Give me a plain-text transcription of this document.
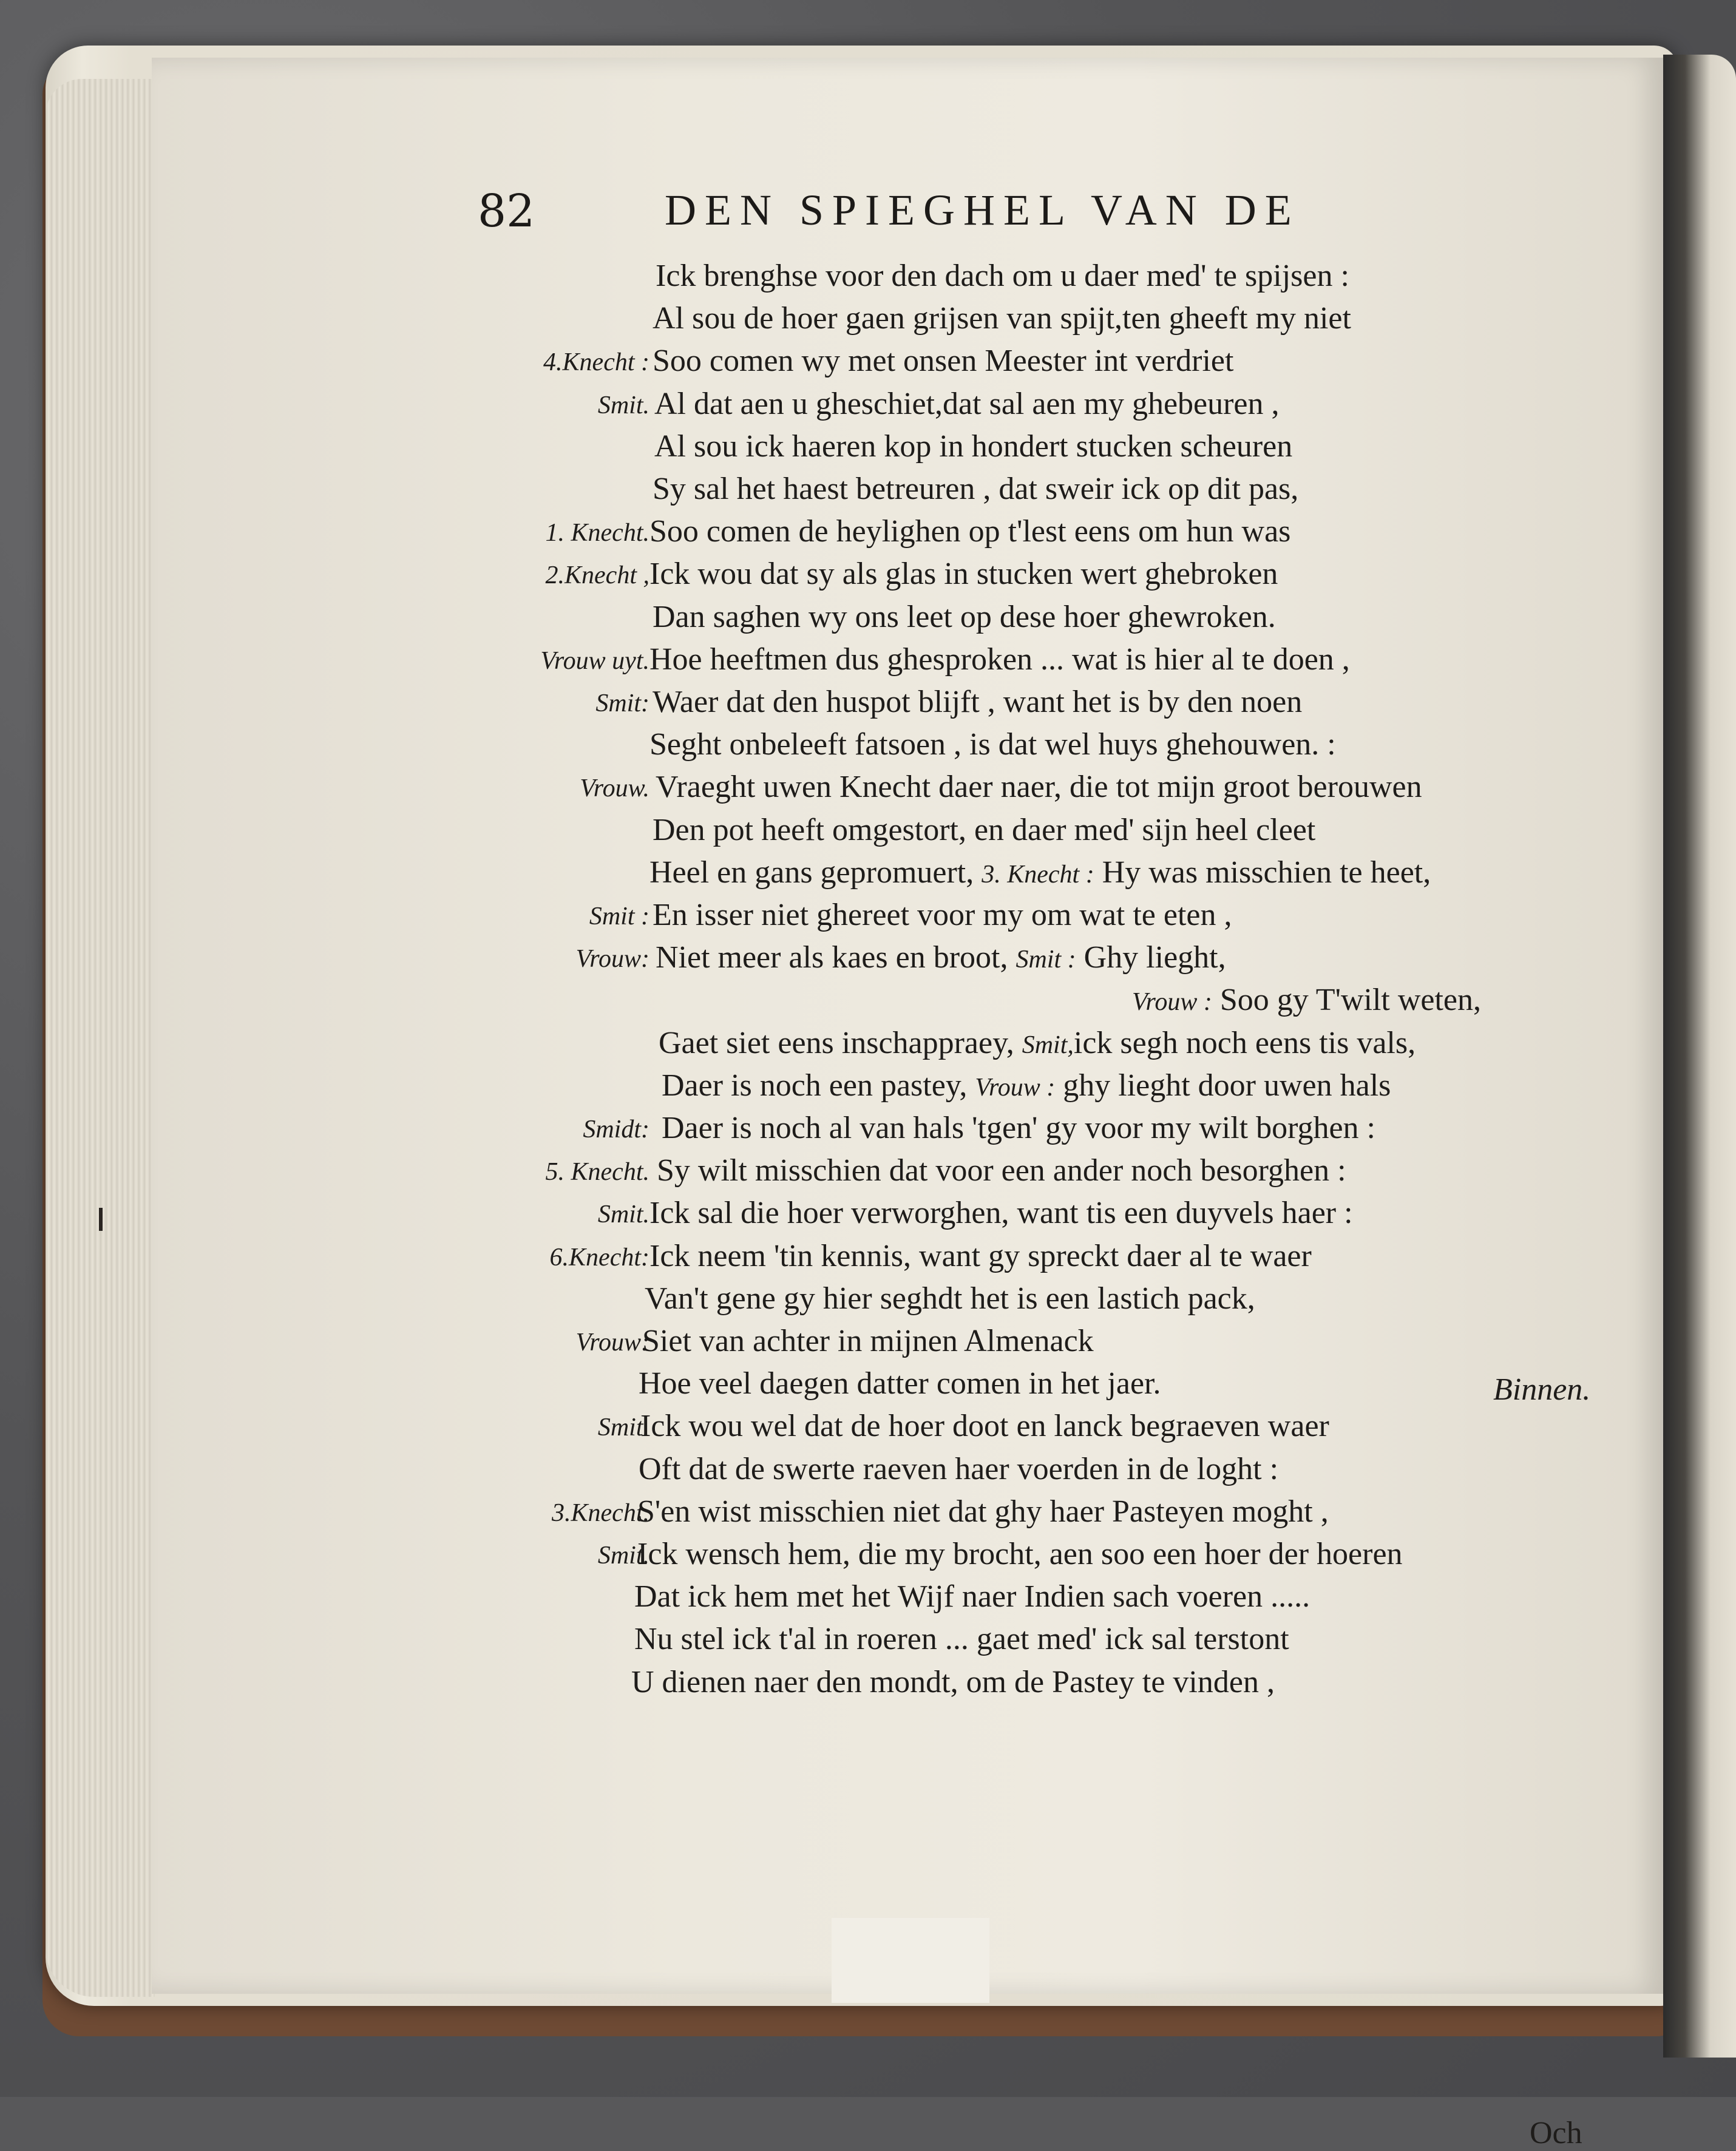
82	DEN SPIEGHEL VAN DE
Ick brenghse voor den dach om u daer med' te spijsen :
Al sou de hoer gaen grijsen van spijt,ten gheeft my niet
4.Knecht : Soo comen wy met onsen Meester int verdriet
Smit. Al dat aen u gheschiet,dat sal aen my ghebeuren ,
Al sou ick haeren kop in hondert stucken scheuren
Sy sal het haest betreuren , dat sweir ick op dit pas,
1. Knecht. Soo comen de heylighen op t'lest eens om hun was
2.Knecht , Ick wou dat sy als glas in stucken wert ghebroken
Dan saghen wy ons leet op dese hoer ghewroken.
Vrouw uyt. Hoe heeftmen dus ghesproken ... wat is hier al te doen ,
Smit: Waer dat den huspot blijft , want het is by den noen
Seght onbeleeft fatsoen , is dat wel huys ghehouwen. :
Vrouw. Vraeght uwen Knecht daer naer, die tot mijn groot berouwen
Den pot heeft omgestort, en daer med' sijn heel cleet
Heel en gans gepromuert, 3. Knecht : Hy was misschien te heet,
Smit : En isser niet ghereet voor my om wat te eten ,
Vrouw: Niet meer als kaes en broot, Smit : Ghy lieght,
Vrouw : Soo gy T'wilt weten,
Gaet siet eens inschappraey, Smit,ick segh noch eens tis vals,
Daer is noch een pastey, Vrouw : ghy lieght door uwen hals
Smidt: Daer is noch al van hals 'tgen' gy voor my wilt borghen :
5. Knecht. Sy wilt misschien dat voor een ander noch besorghen :
Smit. Ick sal die hoer verworghen, want tis een duyvels haer :
6.Knecht: Ick neem 'tin kennis, want gy spreckt daer al te waer
Van't gene gy hier seghdt het is een lastich pack,
Vrouw:
Siet van achter in mijnen Almenack
Hoe veel daegen datter comen in het jaer.	Binnen.
Smit.
Ick wou wel dat de hoer doot en lanck begraeven waer
Oft dat de swerte raeven haer voerden in de loght :
3.Knecht.
S'en wist misschien niet dat ghy haer Pasteyen moght ,
Smit.
Ick wensch hem, die my brocht, aen soo een hoer der hoeren
Dat ick hem met het Wijf naer Indien sach voeren .....
Nu stel ick t'al in roeren ... gaet med' ick sal terstont
U dienen naer den mondt, om de Pastey te vinden ,
Och
